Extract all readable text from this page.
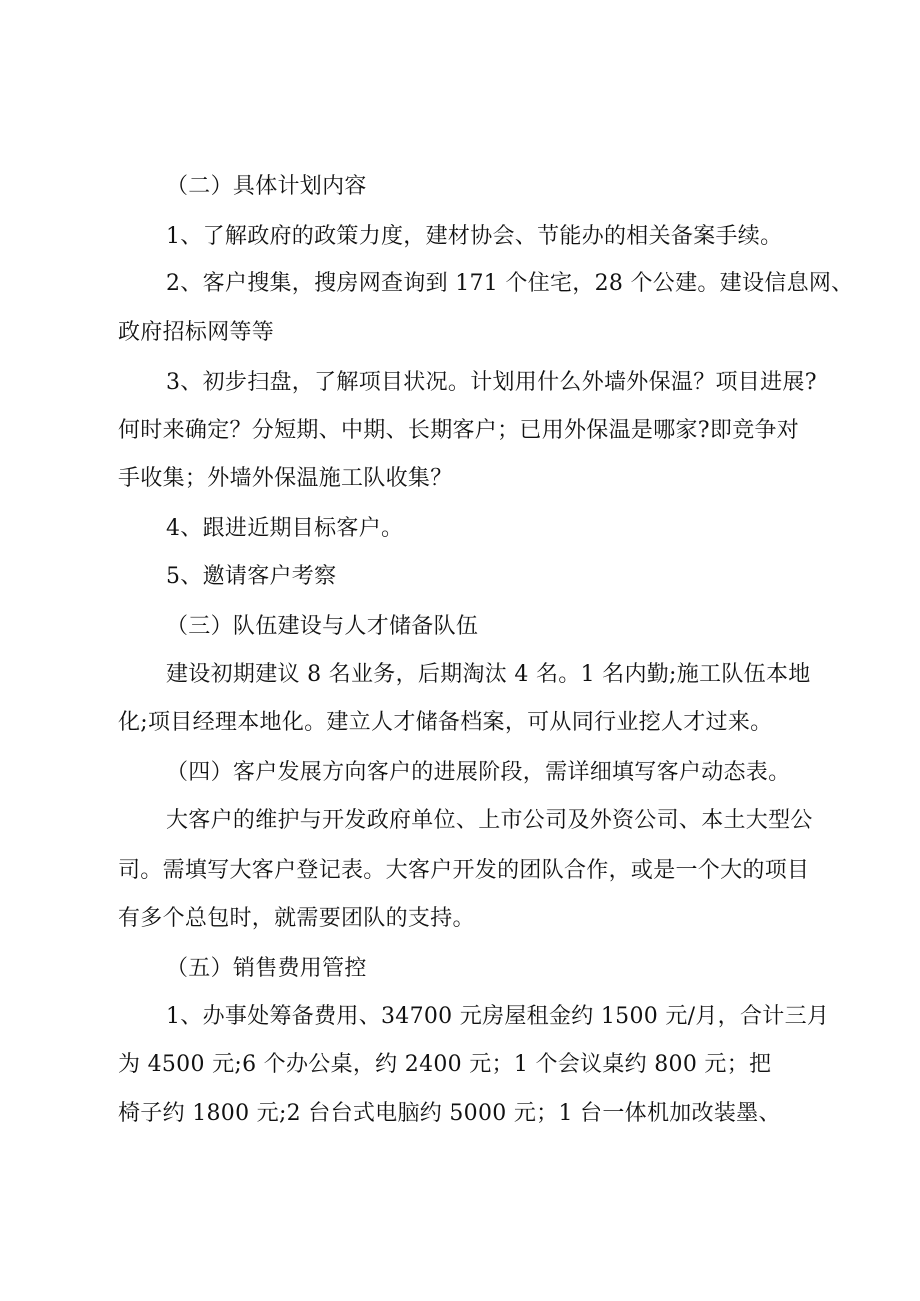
（二）具体计划内容
1、了解政府的政策力度，建材协会、节能办的相关备案手续。
2、客户搜集，搜房网查询到 171 个住宅，28 个公建。建设信息网、
政府招标网等等
3、初步扫盘，了解项目状况。计划用什么外墙外保温？项目进展?
何时来确定？分短期、中期、长期客户；已用外保温是哪家?即竞争对
手收集；外墙外保温施工队收集？
4、跟进近期目标客户。
5、邀请客户考察
（三）队伍建设与人才储备队伍
建设初期建议 8 名业务，后期淘汰 4 名。1 名内勤;施工队伍本地
化;项目经理本地化。建立人才储备档案，可从同行业挖人才过来。
（四）客户发展方向客户的进展阶段，需详细填写客户动态表。
大客户的维护与开发政府单位、上市公司及外资公司、本土大型公
司。需填写大客户登记表。大客户开发的团队合作，或是一个大的项目
有多个总包时，就需要团队的支持。
（五）销售费用管控
1、办事处筹备费用、34700 元房屋租金约 1500 元/月，合计三月
为 4500 元;6 个办公桌，约 2400 元；1 个会议桌约 800 元；把
椅子约 1800 元;2 台台式电脑约 5000 元；1 台一体机加改装墨、
